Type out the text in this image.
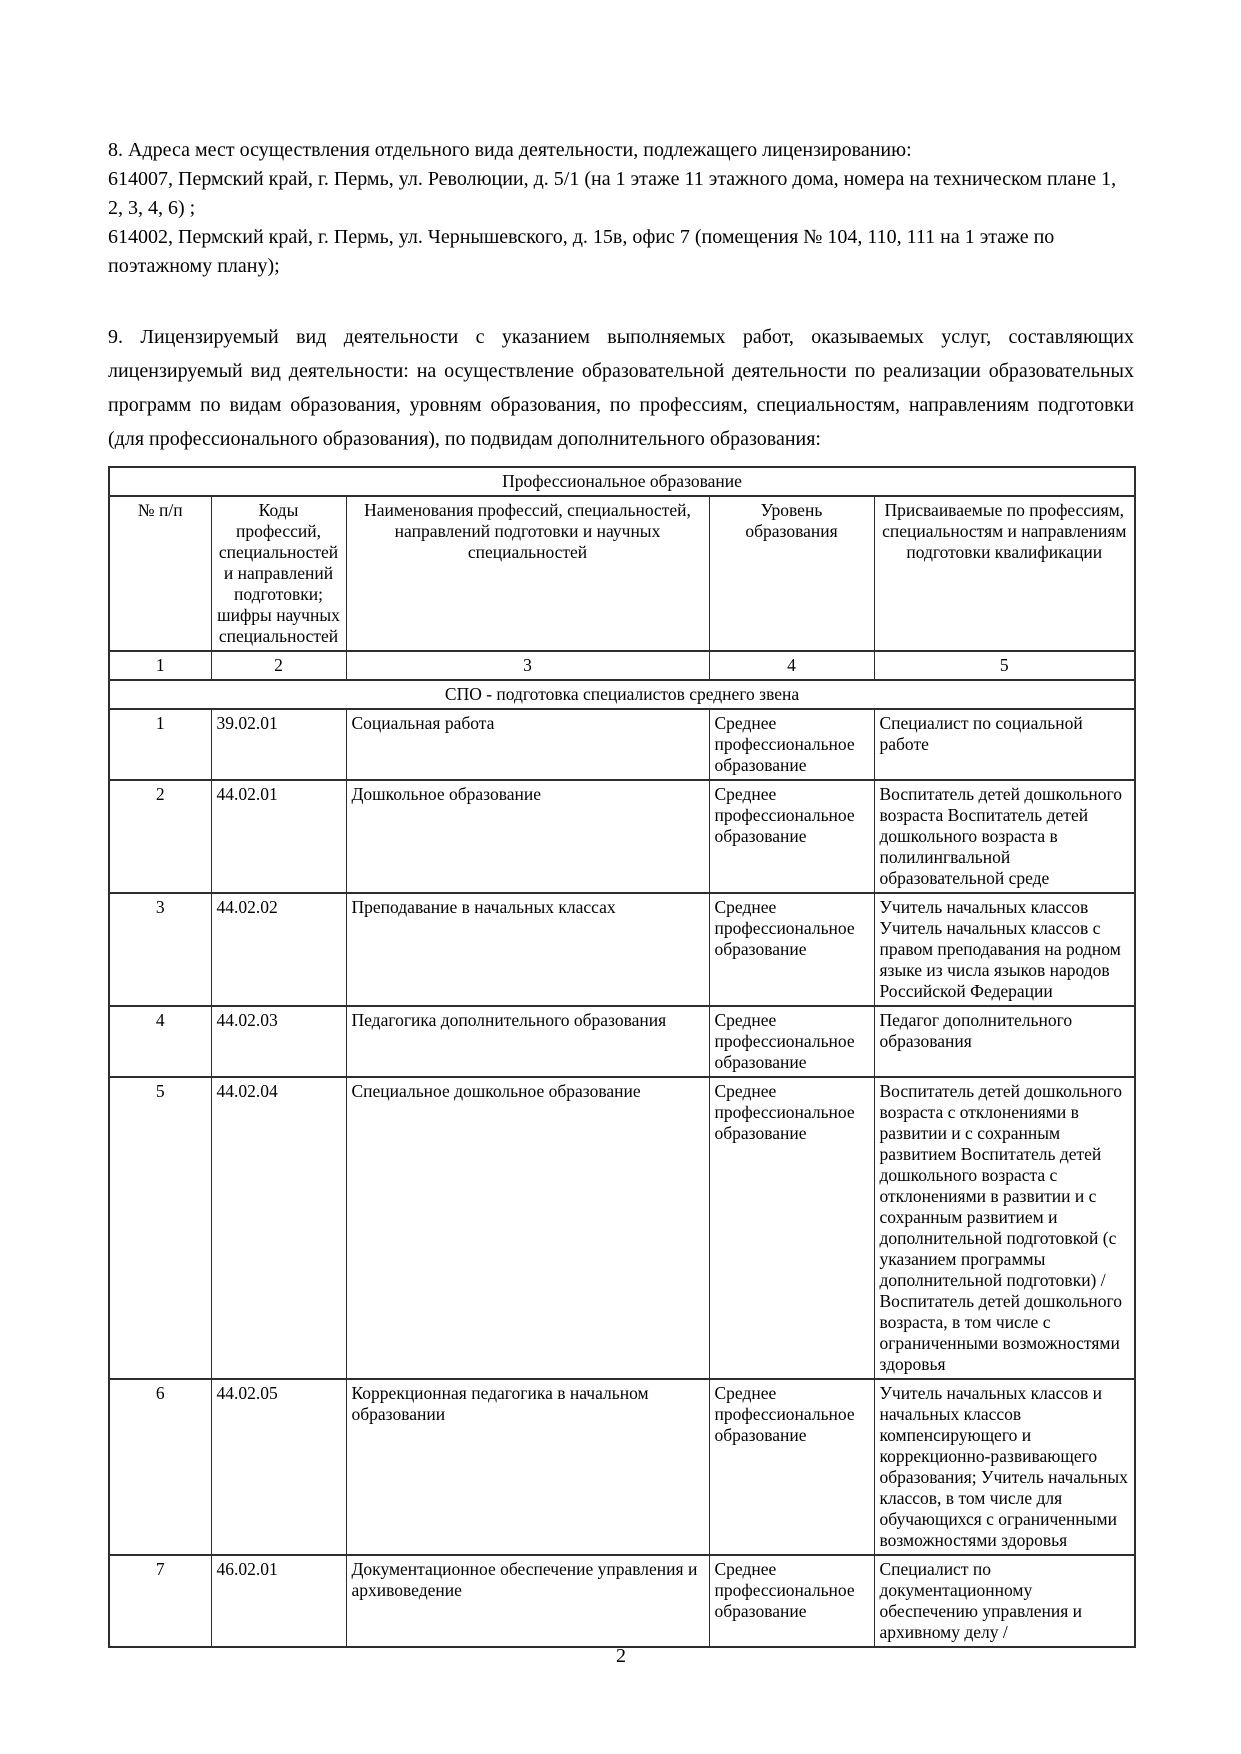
8. Адреса мест осуществления отдельного вида деятельности, подлежащего лицензированию:

614007, Пермский край, г. Пермь, ул. Революции, д. 5/1 (на 1 этаже 11 этажного дома, номера на техническом плане 1, 2, 3, 4, 6) ;

614002, Пермский край, г. Пермь, ул. Чернышевского, д. 15в, офис 7 (помещения № 104, 110, 111 на 1 этаже по поэтажному плану);

9. Лицензируемый вид деятельности с указанием выполняемых работ, оказываемых услуг, составляющих лицензируемый вид деятельности: на осуществление образовательной деятельности по реализации образовательных программ по видам образования, уровням образования, по профессиям, специальностям, направлениям подготовки (для профессионального образования), по подвидам дополнительного образования:

Профессиональное образование				
№ п/п	Коды профессий, специальностей и направлений подготовки; шифры научных специальностей	Наименования профессий, специальностей, направлений подготовки и научных специальностей	Уровень образования	Присваиваемые по профессиям, специальностям и направлениям подготовки квалификации
1	2	3	4	5
СПО - подготовка специалистов среднего звена				
1	39.02.01	Социальная работа	Среднее профессиональное образование	Специалист по социальной работе
2	44.02.01	Дошкольное образование	Среднее профессиональное образование	Воспитатель детей дошкольного возраста Воспитатель детей дошкольного возраста в полилингвальной образовательной среде
3	44.02.02	Преподавание в начальных классах	Среднее профессиональное образование	Учитель начальных классов Учитель начальных классов с правом преподавания на родном языке из числа языков народов Российской Федерации
4	44.02.03	Педагогика дополнительного образования	Среднее профессиональное образование	Педагог дополнительного образования
5	44.02.04	Специальное дошкольное образование	Среднее профессиональное образование	Воспитатель детей дошкольного возраста с отклонениями в развитии и с сохранным развитием Воспитатель детей дошкольного возраста с отклонениями в развитии и с сохранным развитием и дополнительной подготовкой (с указанием программы дополнительной подготовки) / Воспитатель детей дошкольного возраста, в том числе с ограниченными возможностями здоровья
6	44.02.05	Коррекционная педагогика в начальном образовании	Среднее профессиональное образование	Учитель начальных классов и начальных классов компенсирующего и коррекционно-развивающего образования; Учитель начальных классов, в том числе для обучающихся с ограниченными возможностями здоровья
7	46.02.01	Документационное обеспечение управления и архивоведение	Среднее профессиональное образование	Специалист по документационному обеспечению управления и архивному делу /
2
